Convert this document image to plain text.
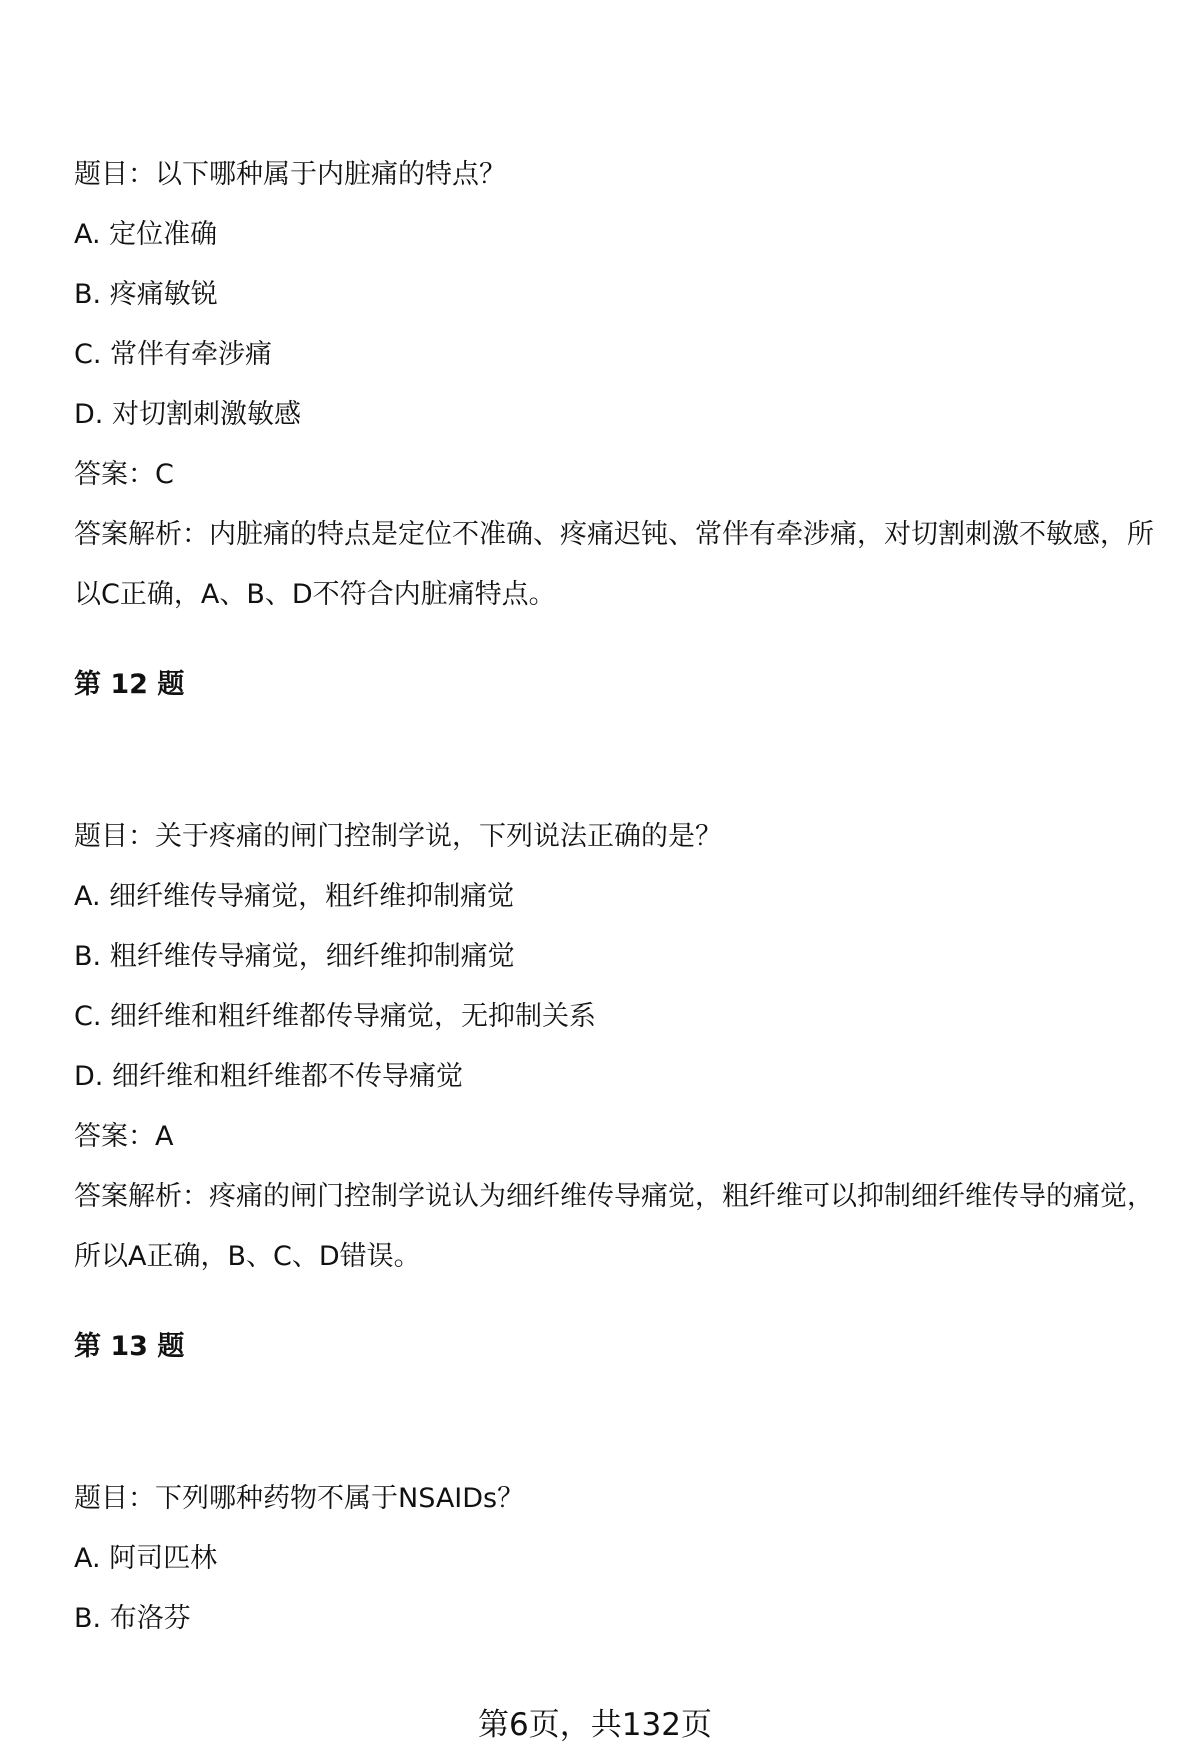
题目：以下哪种属于内脏痛的特点？
A. 定位准确
B. 疼痛敏锐
C. 常伴有牵涉痛
D. 对切割刺激敏感
答案：C
答案解析：内脏痛的特点是定位不准确、疼痛迟钝、常伴有牵涉痛，对切割刺激不敏感，所以C正确，A、B、D不符合内脏痛特点。
第 12 题
题目：关于疼痛的闸门控制学说，下列说法正确的是？
A. 细纤维传导痛觉，粗纤维抑制痛觉
B. 粗纤维传导痛觉，细纤维抑制痛觉
C. 细纤维和粗纤维都传导痛觉，无抑制关系
D. 细纤维和粗纤维都不传导痛觉
答案：A
答案解析：疼痛的闸门控制学说认为细纤维传导痛觉，粗纤维可以抑制细纤维传导的痛觉，所以A正确，B、C、D错误。
第 13 题
题目：下列哪种药物不属于NSAIDs？
A. 阿司匹林
B. 布洛芬
第6页，共132页
